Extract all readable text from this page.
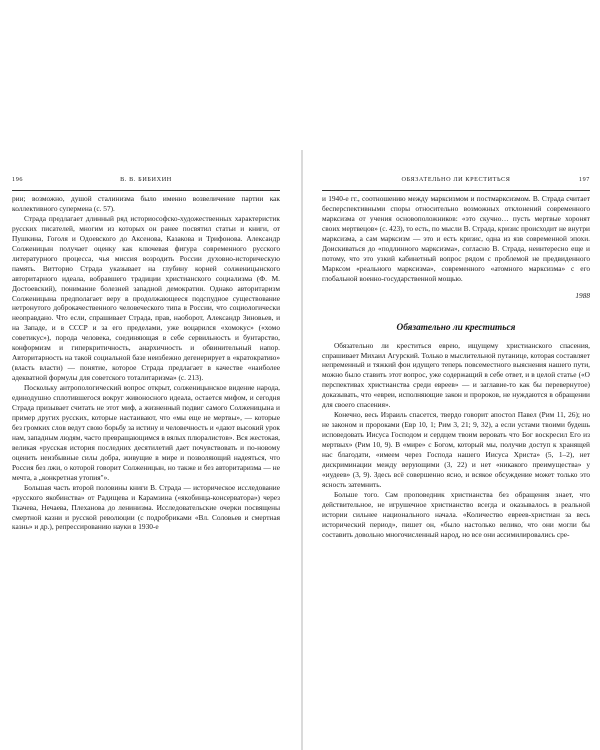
196	В. В. БИБИХИН

рии; возможно, душой сталинизма было именно возвеличение партии как коллективного супермена (с. 57).

Страда предлагает длинный ряд историософско-художественных характеристик русских писателей, многим из которых он ранее посвятил статьи и книги, от Пушкина, Гоголя и Одоевского до Аксенова, Казакова и Трифонова. Александр Солженицын получает оценку как ключевая фигура современного русского литературного процесса, чья миссия возродить России духовно-историческую память. Витторио Страда указывает на глубину корней солженицынского авторитарного идеала, вобравшего традиции христианского социализма (Ф. М. Достоевский), понимание болезней западной демократии. Однако авторитаризм Солженицына предполагает веру в продолжающееся подспудное существование нетронутого доброкачественного человеческого типа в России, что социологически неоправдано. Что если, спрашивает Страда, прав, наоборот, Александр Зиновьев, и на Западе, и в СССР и за его пределами, уже воцарился «хомокус» («хомо советикус»), порода человека, соединяющая в себе сервильность и бунтарство, конформизм и гиперкритичность, анархичность и обвинительный напор. Авторитарность на такой социальной базе неизбежно дегенерирует в «кратократию» (власть власти) — понятие, которое Страда предлагает в качестве «наиболее адекватной формулы для советского тоталитаризма» (с. 213).

Поскольку антропологический вопрос открыт, солженицынское видение народа, единодушно сплотившегося вокруг живоносного идеала, остается мифом, и сегодня Страда призывает считать не этот миф, а жизненный подвиг самого Солженицына и пример других русских, которые настаивают, что «мы еще не мертвы», — которые без громких слов ведут свою борьбу за истину и человечность и «дают высокий урок нам, западным людям, часто превращающимся в вялых плюралистов». Вся жестокая, великая «русская история последних десятилетий дает почувствовать и по-новому оценить неизбывные силы добра, живущие в мире и позволяющий надеяться, что Россия без лжи, о которой говорит Солженицын, но также и без авторитаризма — не мечта, а „конкретная утопия"».

Большая часть второй половины книги В. Страда — историческое исследование «русского якобинства» от Радищева и Карамзина («якобинца-консерватора») через Ткачева, Нечаева, Плеханова до ленинизма. Исследовательские очерки посвящены смертной казни и русской революции (с подробриками «Вл. Соловьев и смертная казнь» и др.), репрессированию науки в 1930-е

ОБЯЗАТЕЛЬНО ЛИ КРЕСТИТЬСЯ	197

и 1940-е гг., соотношению между марксизмом и постмарксизмом. В. Страда считает бесперспективными споры относительно возможных отклонений современного марксизма от учения основоположников: «это скучно… пусть мертвые хоронят своих мертвецов» (с. 423), то есть, по мысли В. Страда, кризис происходит не внутри марксизма, а сам марксизм — это и есть кризис, одна из язв современной эпохи. Доискиваться до «подлинного марксизма», согласно В. Страда, неинтересно еще и потому, что это узкий кабинетный вопрос рядом с проблемой не предвиденного Марксом «реального марксизма», современного «атомного марксизма» с его глобальной военно-государственной мощью.

1988
Обязательно ли креститься

Обязательно ли креститься еврею, ищущему христианского спасения, спрашивает Михаил Агурский. Только в мыслительной путанице, которая составляет непременный и тяжкий фон идущего теперь повсеместного выяснения нашего пути, можно было ставить этот вопрос, уже содержащий в себе ответ, и в целой статье («О перспективах христианства среди евреев» — и заглавие-то как бы перевернутое) доказывать, что «евреи, исполняющие закон и пророков, не нуждаются в обращении для своего спасения».

Конечно, весь Израиль спасется, твердо говорит апостол Павел (Рим 11, 26); но не законом и пророками (Евр 10, 1; Рим 3, 21; 9, 32), а если устами твоими будешь исповедовать Иисуса Господом и сердцем твоим веровать что Бог воскресил Его из мертвых» (Рим 10, 9). В «мире» с Богом, который мы, получив доступ к хранящей нас благодати, «имеем через Господа нашего Иисуса Христа» (5, 1–2), нет дискриминации между верующими (3, 22) и нет «никакого преимущества» у «иудеев» (3, 9). Здесь всё совершенно ясно, и всякое обсуждение может только это ясность затемнить.

Больше того. Сам проповедник христианства без обращения знает, что действительное, не игрушечное христианство всегда и оказывалось в реальной истории сильнее национального начала. «Количество евреев-христиан за весь исторический период», пишет он, «было настолько велико, что они могли бы составить довольно многочисленный народ, но все они ассимилировались сре-
